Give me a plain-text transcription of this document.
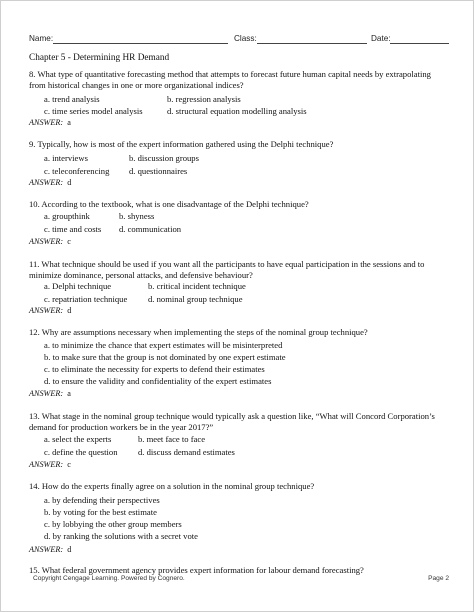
Name:	Class:	Date:
Chapter 5 - Determining HR Demand
8. What type of quantitative forecasting method that attempts to forecast future human capital needs by extrapolating from historical changes in one or more organizational indices?
a. trend analysis	b. regression analysis
c. time series model analysis	d. structural equation modelling analysis
ANSWER: a
9. Typically, how is most of the expert information gathered using the Delphi technique?
a. interviews	b. discussion groups
c. teleconferencing d. questionnaires
ANSWER: d
10. According to the textbook, what is one disadvantage of the Delphi technique?
a. groupthink	b. shyness
c. time and costs d. communication
ANSWER: c
11. What technique should be used if you want all the participants to have equal participation in the sessions and to minimize dominance, personal attacks, and defensive behaviour?
a. Delphi technique	b. critical incident technique
c. repatriation technique d. nominal group technique
ANSWER: d
12. Why are assumptions necessary when implementing the steps of the nominal group technique?
a. to minimize the chance that expert estimates will be misinterpreted
b. to make sure that the group is not dominated by one expert estimate
c. to eliminate the necessity for experts to defend their estimates
d. to ensure the validity and confidentiality of the expert estimates
ANSWER: a
13. What stage in the nominal group technique would typically ask a question like, “What will Concord Corporation’s demand for production workers be in the year 2017?”
a. select the experts	b. meet face to face
c. define the question d. discuss demand estimates
ANSWER: c
14. How do the experts finally agree on a solution in the nominal group technique?
a. by defending their perspectives
b. by voting for the best estimate
c. by lobbying the other group members
d. by ranking the solutions with a secret vote
ANSWER: d
15. What federal government agency provides expert information for labour demand forecasting?
Copyright Cengage Learning. Powered by Cognero.	Page 2
